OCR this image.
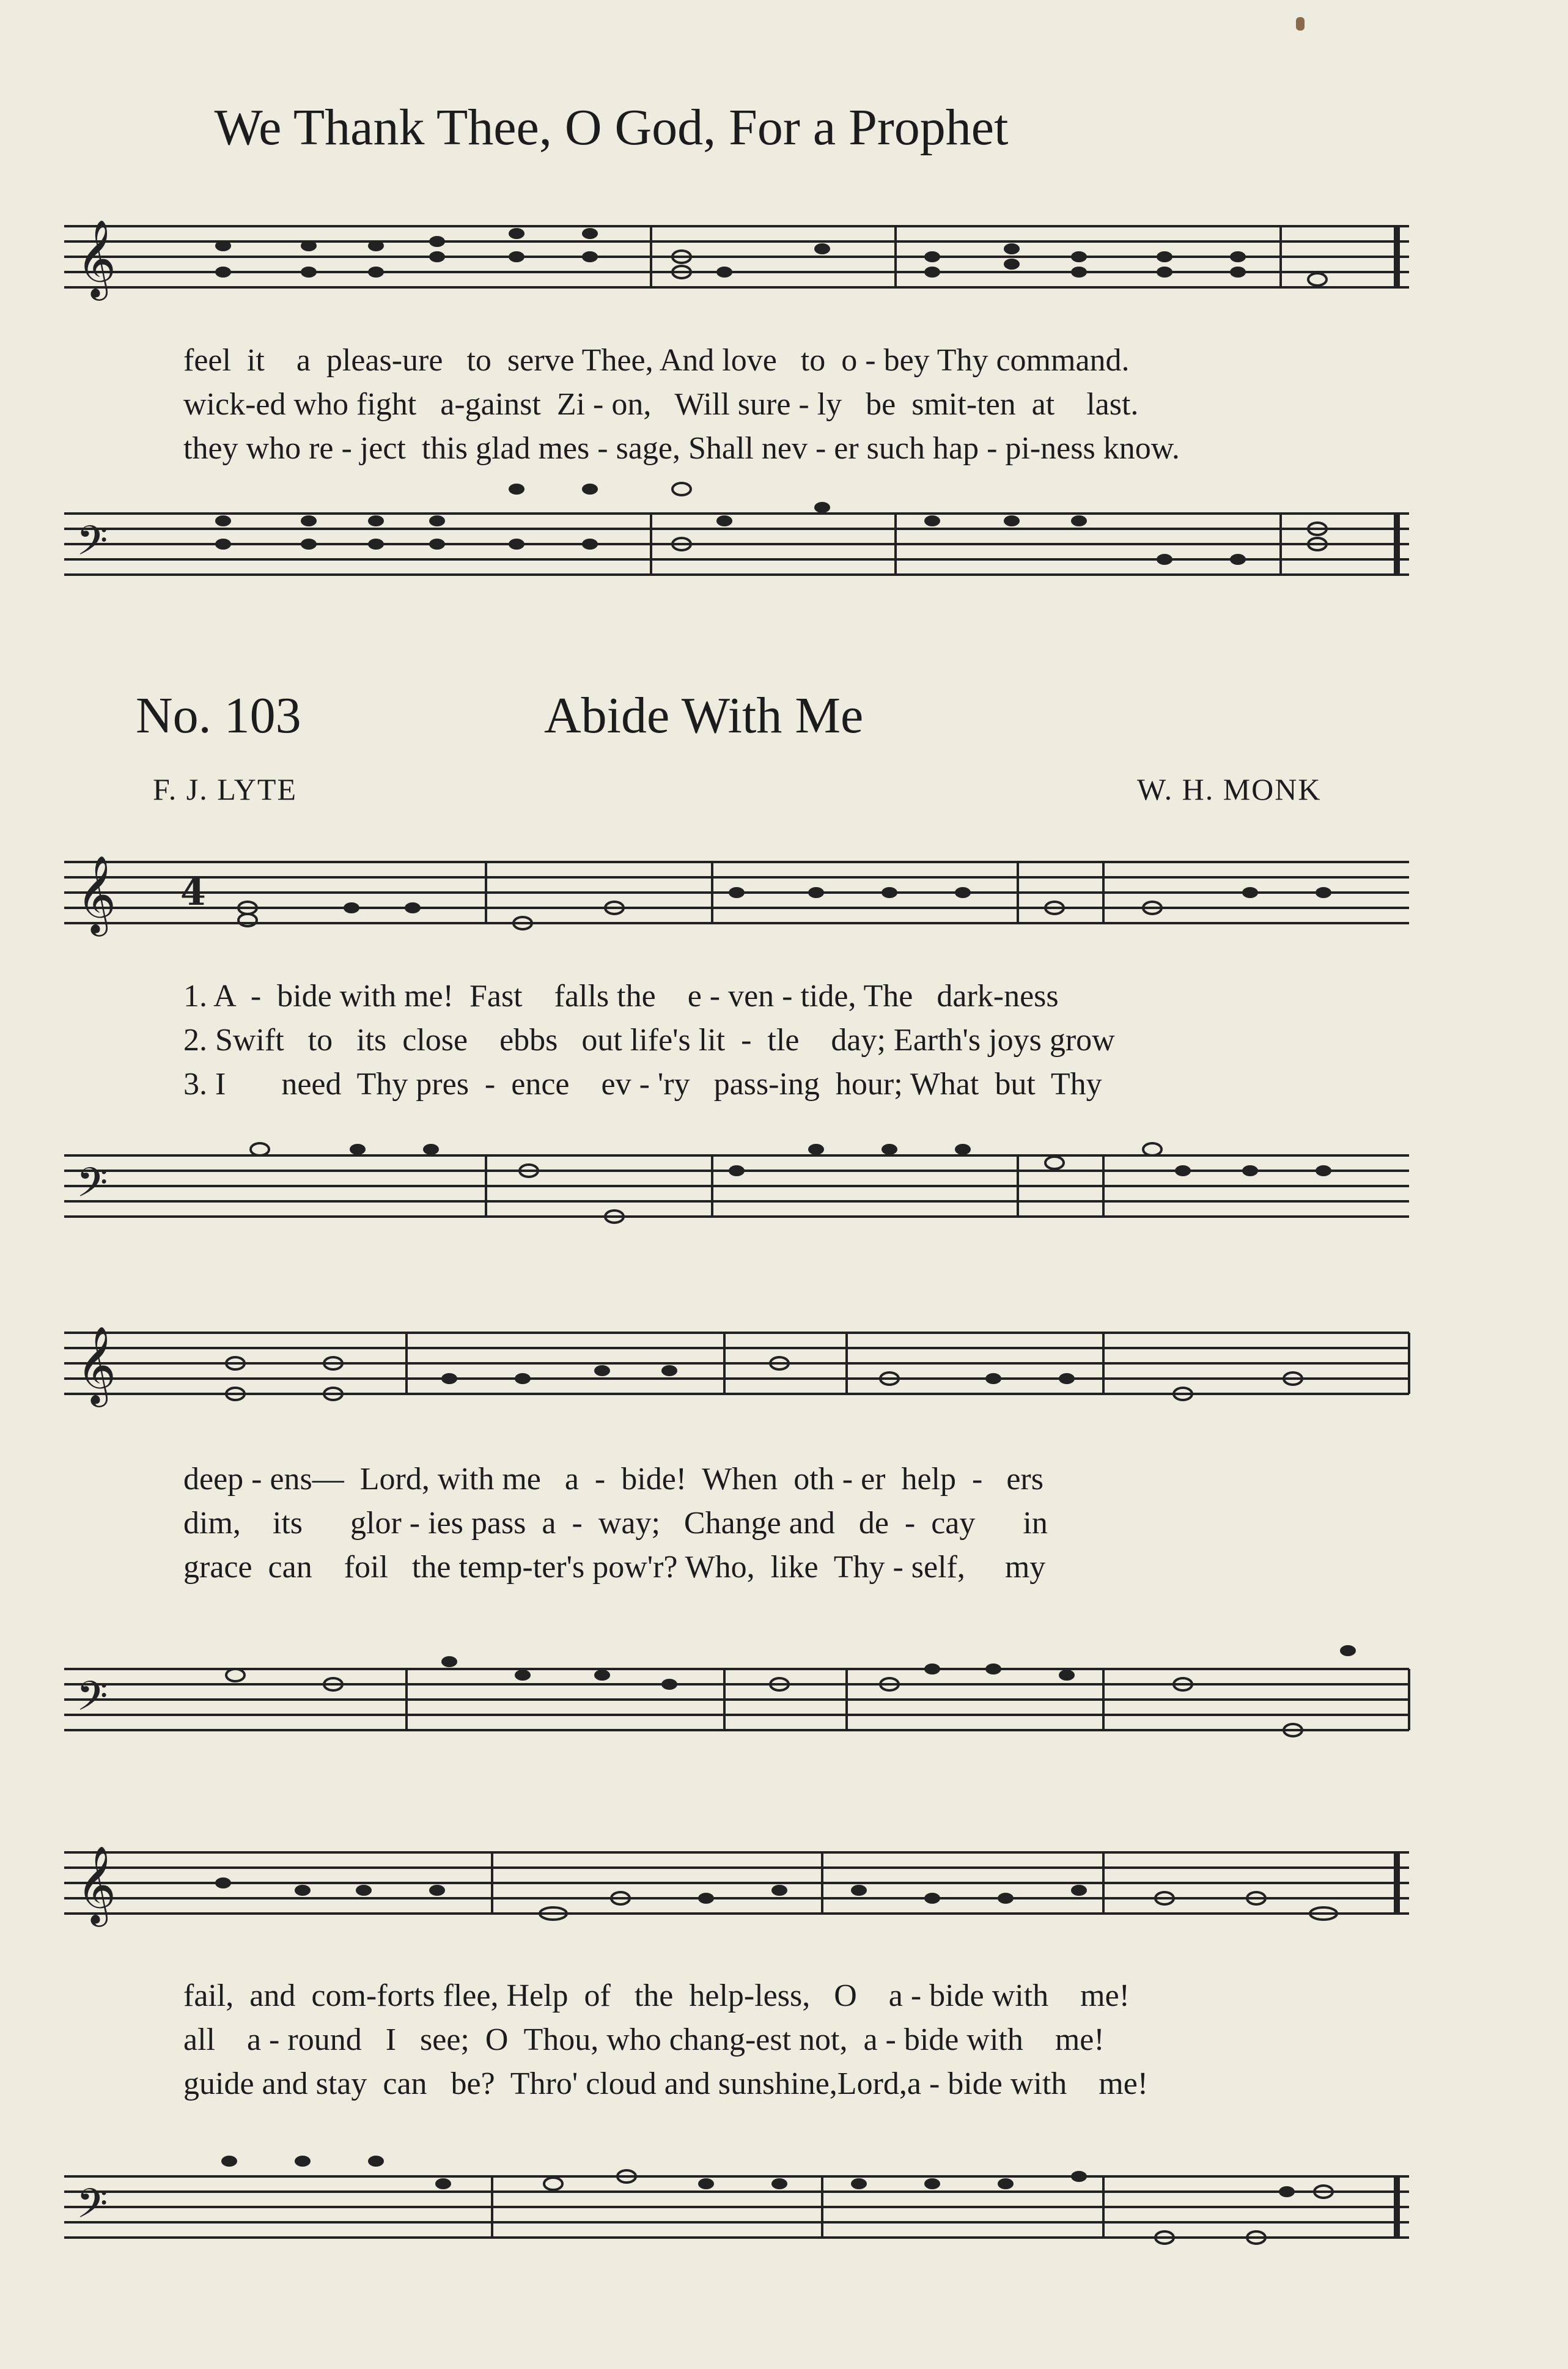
We Thank Thee, O God, For a Prophet
𝄞
feel  it    a  pleas-ure   to  serve Thee, And love   to  o - bey Thy command.
wick-ed who fight   a-gainst  Zi - on,   Will sure - ly   be  smit-ten  at    last.
they who re - ject  this glad mes - sage, Shall nev - er such hap - pi-ness know.
𝄢
No. 103	Abide With Me
F. J. LYTE	W. H. MONK
𝄞 4
1. A  -  bide with me!  Fast    falls the    e - ven - tide, The   dark-ness
2. Swift   to   its  close    ebbs   out life's lit  -  tle    day; Earth's joys grow
3. I       need  Thy pres  -  ence    ev - 'ry   pass-ing  hour; What  but  Thy
𝄢
𝄞
deep - ens—  Lord, with me   a  -  bide!  When  oth - er  help  -   ers
dim,    its      glor - ies pass  a  -  way;   Change and   de  -  cay      in
grace  can    foil   the temp-ter's pow'r? Who,  like  Thy - self,     my
𝄢
𝄞
fail,  and  com-forts flee, Help  of   the  help-less,   O    a - bide with    me!
all    a - round   I   see;  O  Thou, who chang-est not,  a - bide with    me!
guide and stay  can   be?  Thro' cloud and sunshine,Lord,a - bide with    me!
𝄢
